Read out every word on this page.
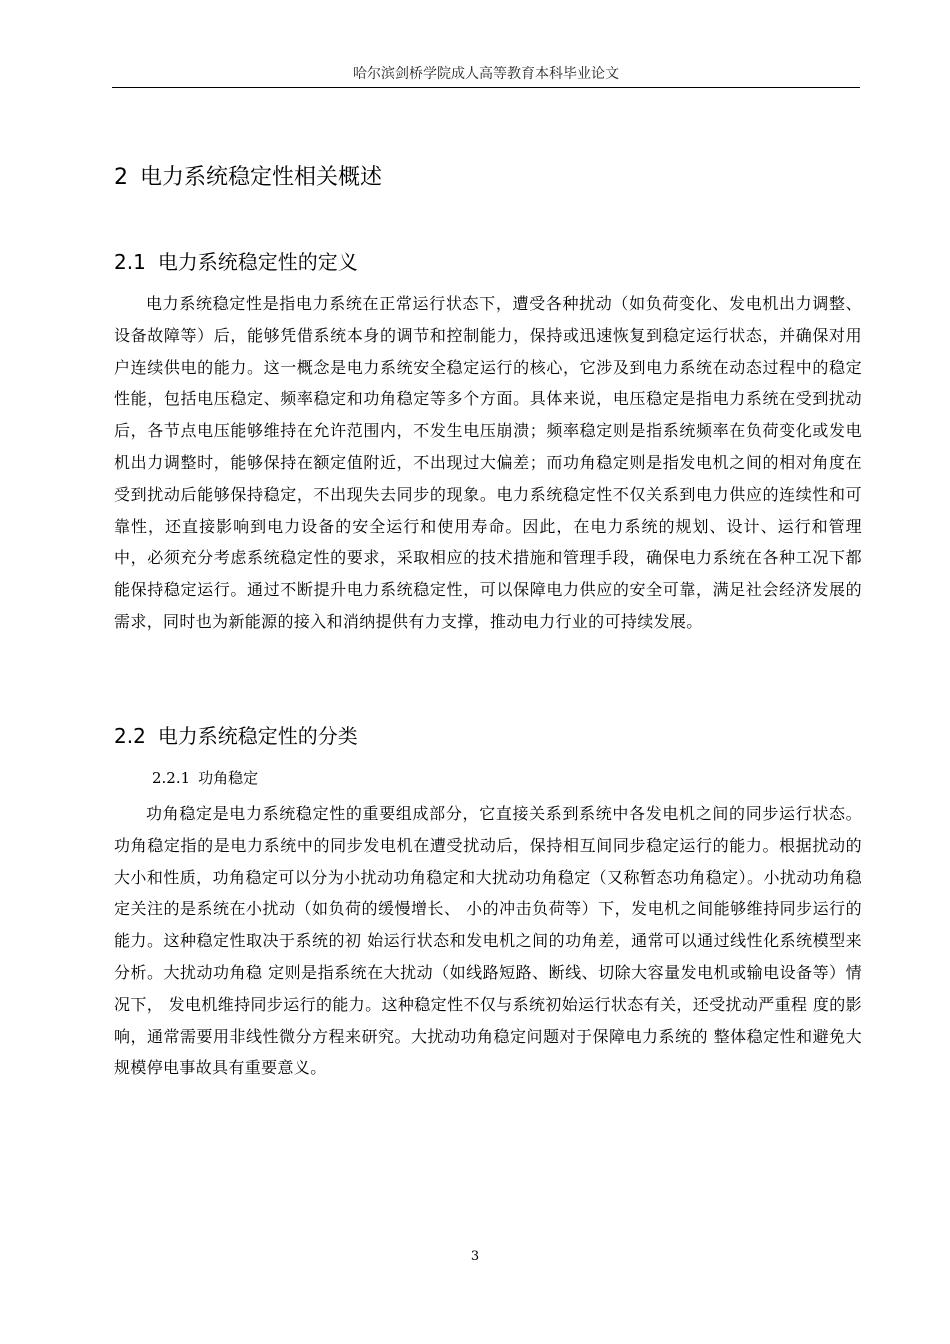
哈尔滨剑桥学院成人高等教育本科毕业论文
2 电力系统稳定性相关概述
2.1 电力系统稳定性的定义

电力系统稳定性是指电力系统在正常运行状态下，遭受各种扰动（如负荷变化、发电机出力调整、设备故障等）后，能够凭借系统本身的调节和控制能力，保持或迅速恢复到稳定运行状态，并确保对用户连续供电的能力。这一概念是电力系统安全稳定运行的核心，它涉及到电力系统在动态过程中的稳定性能，包括电压稳定、频率稳定和功角稳定等多个方面。具体来说，电压稳定是指电力系统在受到扰动后，各节点电压能够维持在允许范围内，不发生电压崩溃；频率稳定则是指系统频率在负荷变化或发电机出力调整时，能够保持在额定值附近，不出现过大偏差；而功角稳定则是指发电机之间的相对角度在受到扰动后能够保持稳定，不出现失去同步的现象。电力系统稳定性不仅关系到电力供应的连续性和可靠性，还直接影响到电力设备的安全运行和使用寿命。因此，在电力系统的规划、设计、运行和管理中，必须充分考虑系统稳定性的要求，采取相应的技术措施和管理手段，确保电力系统在各种工况下都能保持稳定运行。通过不断提升电力系统稳定性，可以保障电力供应的安全可靠，满足社会经济发展的需求，同时也为新能源的接入和消纳提供有力支撑，推动电力行业的可持续发展。

2.2 电力系统稳定性的分类
2.2.1 功角稳定

功角稳定是电力系统稳定性的重要组成部分，它直接关系到系统中各发电机之间的同步运行状态。功角稳定指的是电力系统中的同步发电机在遭受扰动后，保持相互间同步稳定运行的能力。根据扰动的大小和性质，功角稳定可以分为小扰动功角稳定和大扰动功角稳定（又称暂态功角稳定）。小扰动功角稳定关注的是系统在小扰动（如负荷的缓慢增长、 小的冲击负荷等）下，发电机之间能够维持同步运行的能力。这种稳定性取决于系统的初 始运行状态和发电机之间的功角差，通常可以通过线性化系统模型来分析。大扰动功角稳 定则是指系统在大扰动（如线路短路、断线、切除大容量发电机或输电设备等）情况下， 发电机维持同步运行的能力。这种稳定性不仅与系统初始运行状态有关，还受扰动严重程 度的影响，通常需要用非线性微分方程来研究。大扰动功角稳定问题对于保障电力系统的 整体稳定性和避免大规模停电事故具有重要意义。

3
